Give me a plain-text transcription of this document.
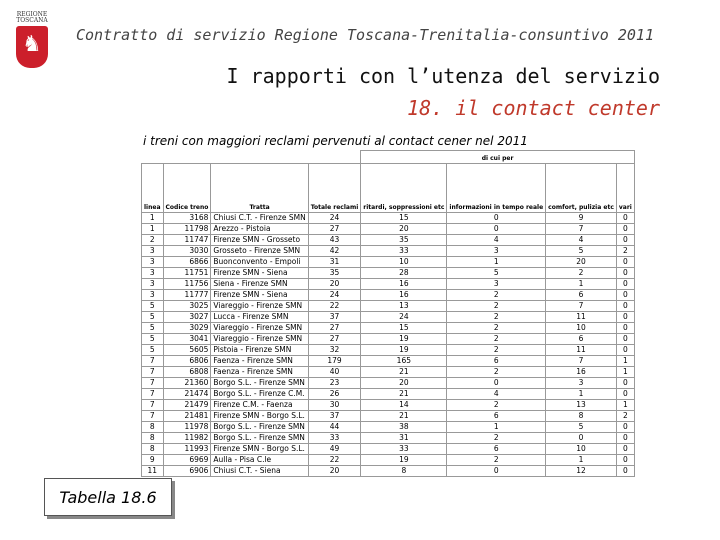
REGIONE TOSCANA
♞ Contratto di servizio Regione Toscana-Trenitalia-consuntivo 2011
I rapporti con l’utenza del servizio
18. il contact center
i treni con maggiori reclami pervenuti al contact cener nel 2011
				di cui per			
linea	Codice treno	Tratta	Totale reclami	ritardi, soppressioni etc	informazioni in tempo reale	comfort, pulizia etc	vari
1	3168	Chiusi C.T. - Firenze SMN	24	15	0	9	0
1	11798	Arezzo - Pistoia	27	20	0	7	0
2	11747	Firenze SMN - Grosseto	43	35	4	4	0
3	3030	Grosseto - Firenze SMN	42	33	3	5	2
3	6866	Buonconvento - Empoli	31	10	1	20	0
3	11751	Firenze SMN - Siena	35	28	5	2	0
3	11756	Siena - Firenze SMN	20	16	3	1	0
3	11777	Firenze SMN - Siena	24	16	2	6	0
5	3025	Viareggio - Firenze SMN	22	13	2	7	0
5	3027	Lucca - Firenze SMN	37	24	2	11	0
5	3029	Viareggio - Firenze SMN	27	15	2	10	0
5	3041	Viareggio - Firenze SMN	27	19	2	6	0
5	5605	Pistoia - Firenze SMN	32	19	2	11	0
7	6806	Faenza - Firenze SMN	179	165	6	7	1
7	6808	Faenza - Firenze SMN	40	21	2	16	1
7	21360	Borgo S.L. - Firenze SMN	23	20	0	3	0
7	21474	Borgo S.L. - Firenze C.M.	26	21	4	1	0
7	21479	Firenze C.M. - Faenza	30	14	2	13	1
7	21481	Firenze SMN - Borgo S.L.	37	21	6	8	2
8	11978	Borgo S.L. - Firenze SMN	44	38	1	5	0
8	11982	Borgo S.L. - Firenze SMN	33	31	2	0	0
8	11993	Firenze SMN - Borgo S.L.	49	33	6	10	0
9	6969	Aulla - Pisa C.le	22	19	2	1	0
11	6906	Chiusi C.T. - Siena	20	8	0	12	0
Tabella 18.6
